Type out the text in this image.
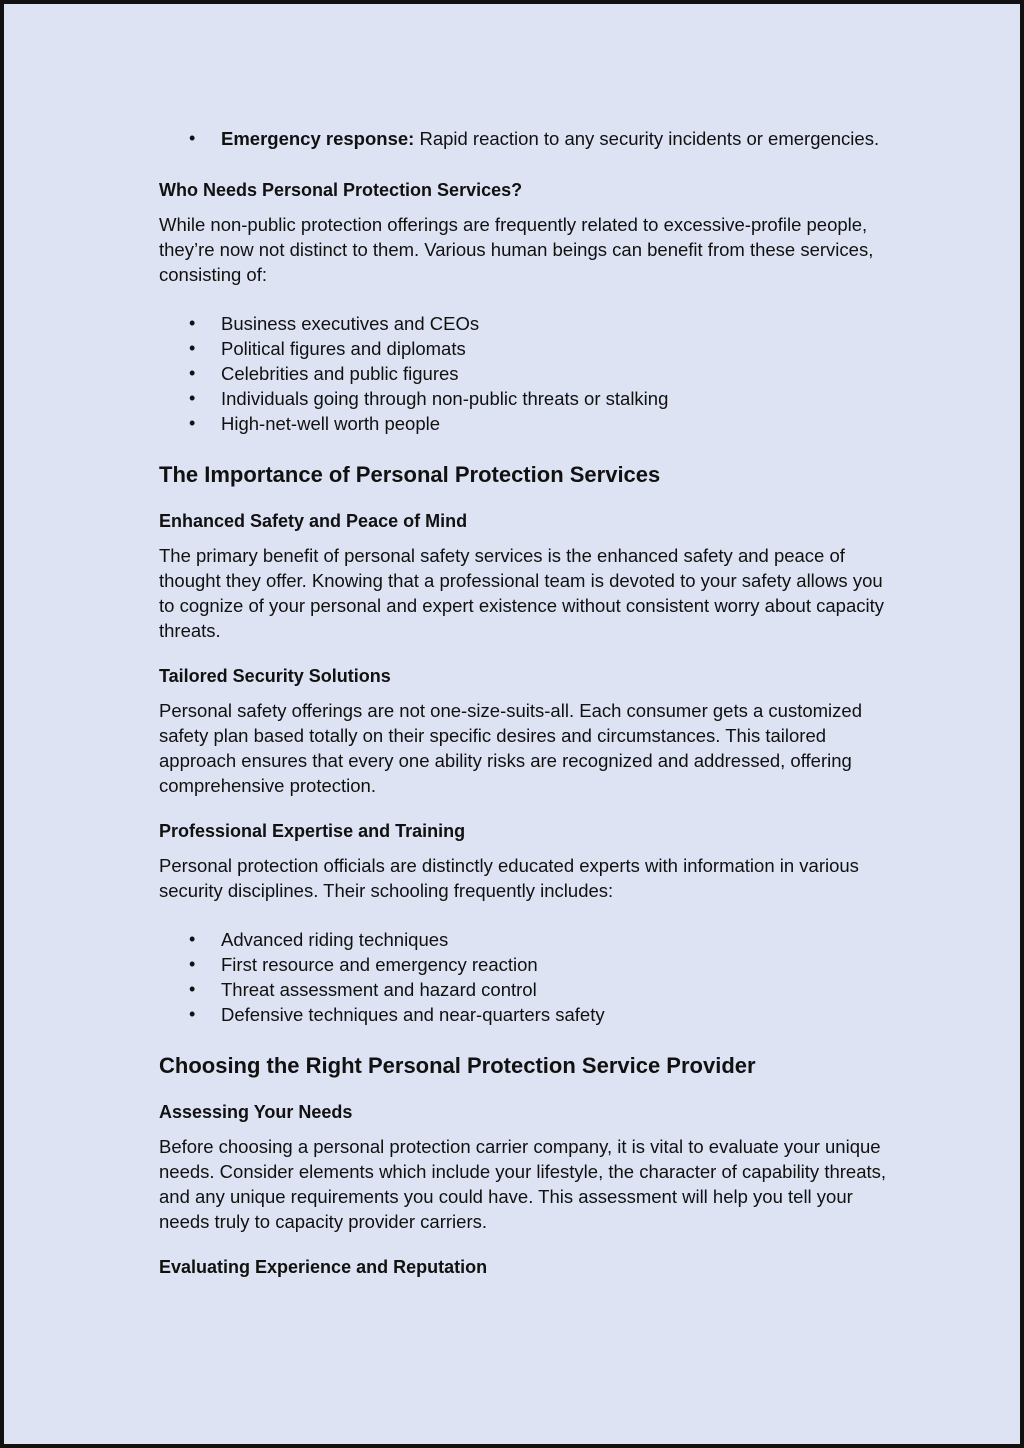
• Emergency response: Rapid reaction to any security incidents or emergencies.
Who Needs Personal Protection Services?

While non-public protection offerings are frequently related to excessive-profile people, they’re now not distinct to them. Various human beings can benefit from these services, consisting of:

• Business executives and CEOs
• Political figures and diplomats
• Celebrities and public figures
• Individuals going through non-public threats or stalking
• High-net-well worth people
The Importance of Personal Protection Services
Enhanced Safety and Peace of Mind

The primary benefit of personal safety services is the enhanced safety and peace of thought they offer. Knowing that a professional team is devoted to your safety allows you to cognize of your personal and expert existence without consistent worry about capacity threats.

Tailored Security Solutions

Personal safety offerings are not one-size-suits-all. Each consumer gets a customized safety plan based totally on their specific desires and circumstances. This tailored approach ensures that every one ability risks are recognized and addressed, offering comprehensive protection.

Professional Expertise and Training

Personal protection officials are distinctly educated experts with information in various security disciplines. Their schooling frequently includes:

• Advanced riding techniques
• First resource and emergency reaction
• Threat assessment and hazard control
• Defensive techniques and near-quarters safety
Choosing the Right Personal Protection Service Provider
Assessing Your Needs

Before choosing a personal protection carrier company, it is vital to evaluate your unique needs. Consider elements which include your lifestyle, the character of capability threats, and any unique requirements you could have. This assessment will help you tell your needs truly to capacity provider carriers.

Evaluating Experience and Reputation
